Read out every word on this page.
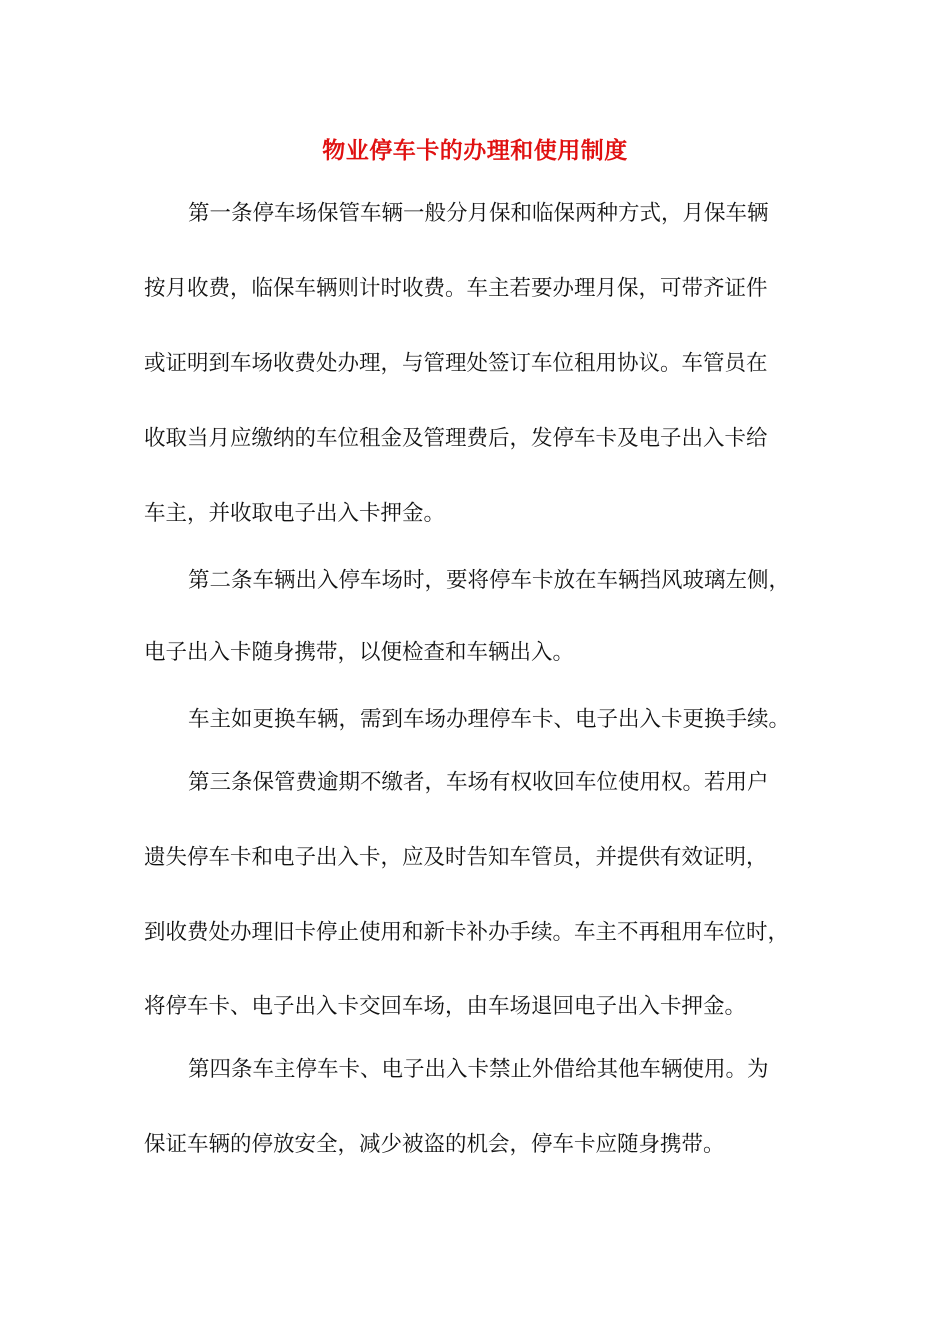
物业停车卡的办理和使用制度
第一条停车场保管车辆一般分月保和临保两种方式，月保车辆
按月收费，临保车辆则计时收费。车主若要办理月保，可带齐证件
或证明到车场收费处办理，与管理处签订车位租用协议。车管员在
收取当月应缴纳的车位租金及管理费后，发停车卡及电子出入卡给
车主，并收取电子出入卡押金。
第二条车辆出入停车场时，要将停车卡放在车辆挡风玻璃左侧，
电子出入卡随身携带，以便检查和车辆出入。
车主如更换车辆，需到车场办理停车卡、电子出入卡更换手续。
第三条保管费逾期不缴者，车场有权收回车位使用权。若用户
遗失停车卡和电子出入卡，应及时告知车管员，并提供有效证明，
到收费处办理旧卡停止使用和新卡补办手续。车主不再租用车位时，
将停车卡、电子出入卡交回车场，由车场退回电子出入卡押金。
第四条车主停车卡、电子出入卡禁止外借给其他车辆使用。为
保证车辆的停放安全，减少被盗的机会，停车卡应随身携带。
